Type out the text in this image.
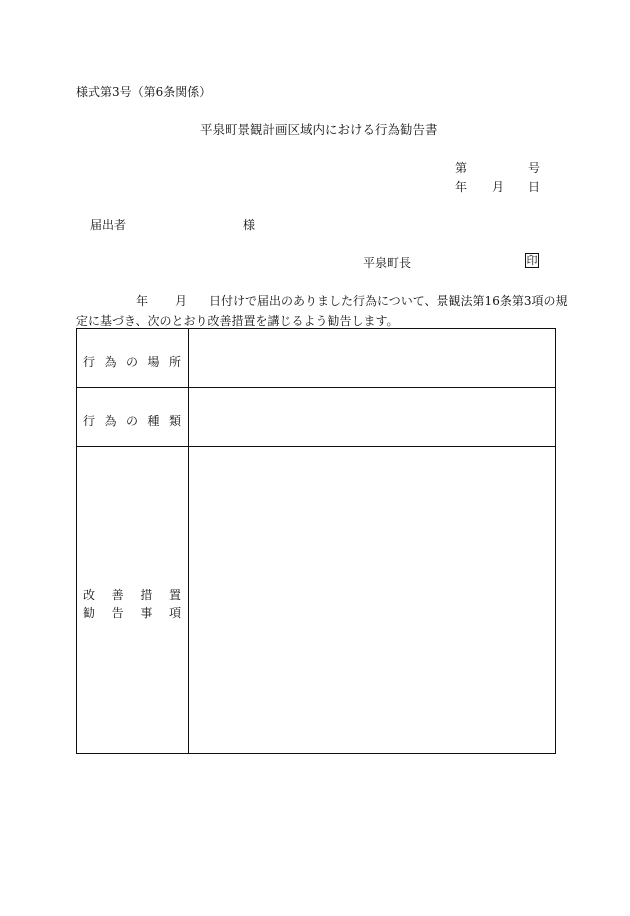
様式第3号（第6条関係）
平泉町景観計画区域内における行為勧告書
第	号
年 月 日
届出者	様
平泉町長	印
年 月 日付けで届出のありました行為について、景観法第16条第3項の規
定に基づき、次のとおり改善措置を講じるよう勧告します。
行 為 の 場 所
行 為 の 種 類
改 善 措 置
勧 告 事 項
